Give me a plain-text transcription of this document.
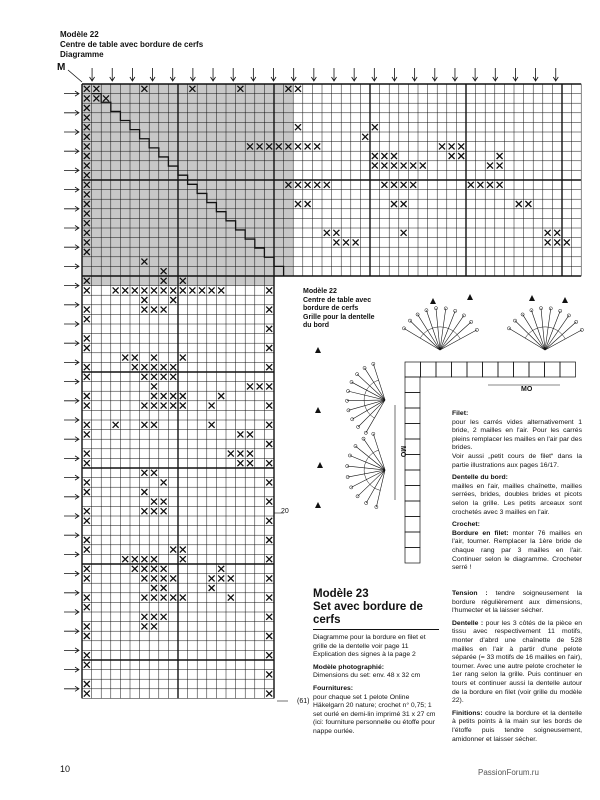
Modèle 22
Centre de table avec bordure de cerfs
Diagramme
M
20
(61)
Modèle 22
Centre de table avec bordure de cerfs
Grille pour la dentelle du bord
MO
MO
Modèle 23
Set avec bordure de cerfs

Diagramme pour la bordure en filet et grille de la dentelle voir page 11 Explication des signes à la page 2

Modèle photographié:
Dimensions du set: env. 48 x 32 cm

Fournitures:
pour chaque set 1 pelote Online Häkelgarn 20 nature; crochet n° 0,75; 1 set ourlé en demi-lin imprimé 31 x 27 cm (ici: fourniture personnelle ou étoffe pour nappe ourlée.

Filet:
pour les carrés vides alternativement 1 bride, 2 mailles en l'air. Pour les carrés pleins remplacer les mailles en l'air par des brides.
Voir aussi „petit cours de filet“ dans la partie illustrations aux pages 16/17.

Dentelle du bord:
mailles en l'air, mailles chaînette, mailles serrées, brides, doubles brides et picots selon la grille. Les petits arceaux sont crochetés avec 3 mailles en l'air.

Crochet:
Bordure en filet: monter 76 mailles en l'air, tourner. Remplacer la 1ère bride de chaque rang par 3 mailles en l'air. Continuer selon le diagramme. Crocheter serré !

Tension : tendre soigneusement la bordure régulièrement aux dimensions, l'humecter et la laisser sécher.

Dentelle : pour les 3 côtés de la pièce en tissu avec respectivement 11 motifs, monter d'abrd une chaînette de 528 mailles en l'air à partir d'une pelote séparée (= 33 motifs de 16 mailles en l'air), tourner. Avec une autre pelote crocheter le 1er rang selon la grille. Puis continuer en tours et continuer aussi la dentelle autour de la bordure en filet (voir grille du modèle 22).

Finitions: coudre la bordure et la dentelle à petits points à la main sur les bords de l'étoffe puis tendre soigneusement, amidonner et laisser sécher.

10	PassionForum.ru
